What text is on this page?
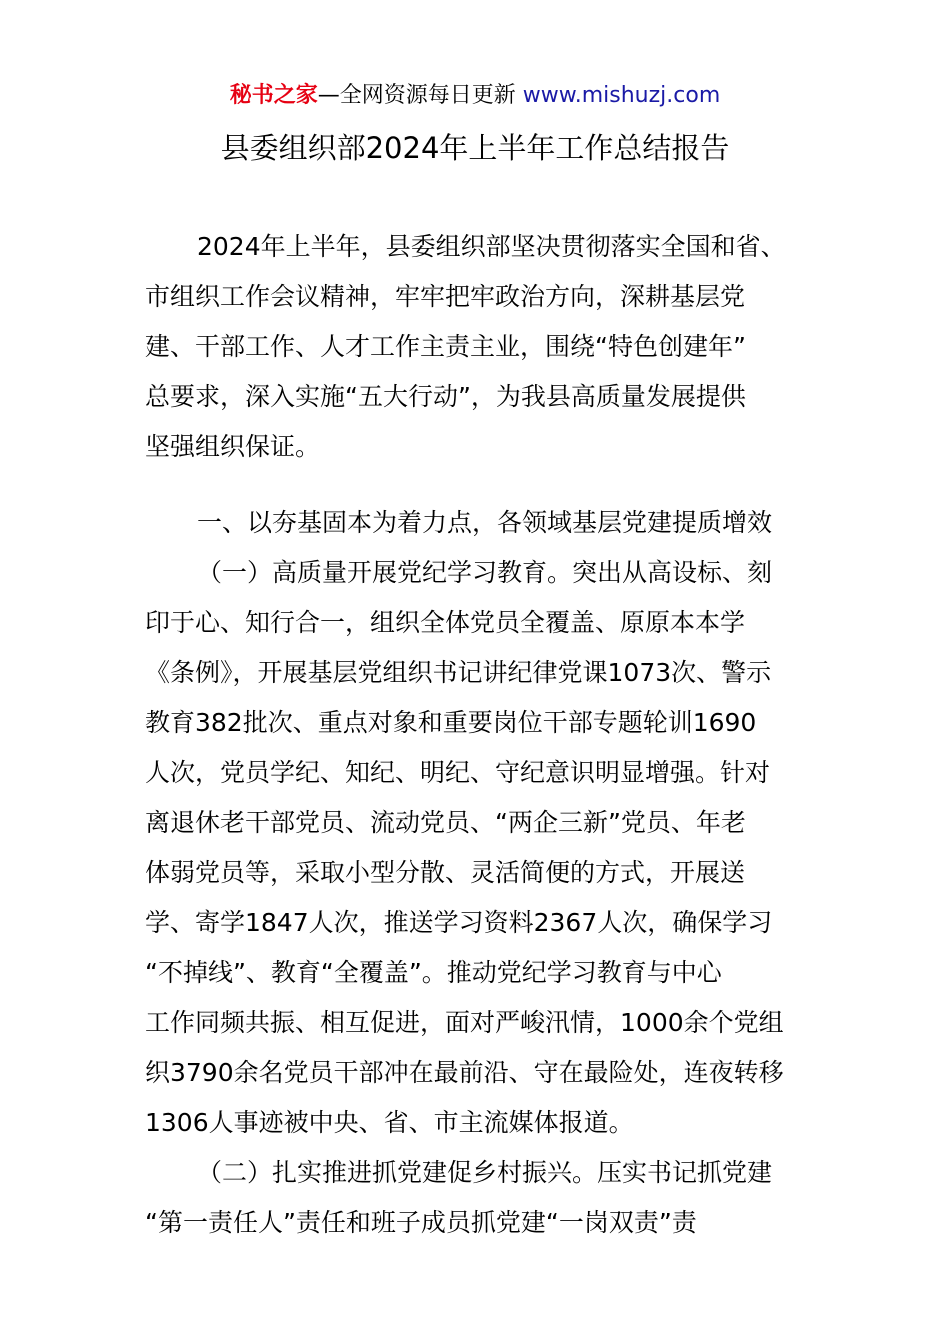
秘书之家—全网资源每日更新 www.mishuzj.com
县委组织部2024年上半年工作总结报告
2024年上半年，县委组织部坚决贯彻落实全国和省、
市组织工作会议精神，牢牢把牢政治方向，深耕基层党
建、干部工作、人才工作主责主业，围绕“特色创建年”
总要求，深入实施“五大行动”，为我县高质量发展提供
坚强组织保证。
一、以夯基固本为着力点，各领域基层党建提质增效
（一）高质量开展党纪学习教育。突出从高设标、刻
印于心、知行合一，组织全体党员全覆盖、原原本本学
《条例》，开展基层党组织书记讲纪律党课1073次、警示
教育382批次、重点对象和重要岗位干部专题轮训1690
人次，党员学纪、知纪、明纪、守纪意识明显增强。针对
离退休老干部党员、流动党员、“两企三新”党员、年老
体弱党员等，采取小型分散、灵活简便的方式，开展送
学、寄学1847人次，推送学习资料2367人次，确保学习
“不掉线”、教育“全覆盖”。推动党纪学习教育与中心
工作同频共振、相互促进，面对严峻汛情，1000余个党组
织3790余名党员干部冲在最前沿、守在最险处，连夜转移
1306人事迹被中央、省、市主流媒体报道。
（二）扎实推进抓党建促乡村振兴。压实书记抓党建
“第一责任人”责任和班子成员抓党建“一岗双责”责
